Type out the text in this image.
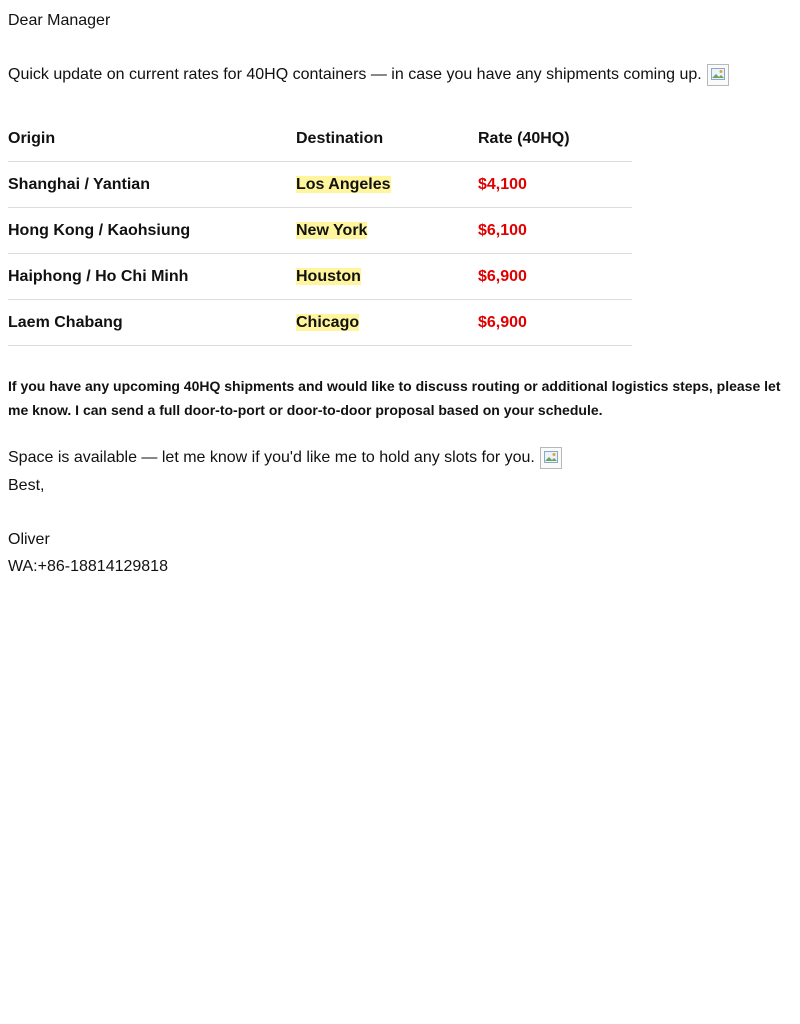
Dear Manager

Quick update on current rates for 40HQ containers — in case you have any shipments coming up.
Origin	Destination	Rate (40HQ)
Shanghai / Yantian	Los Angeles	$4,100
Hong Kong / Kaohsiung	New York	$6,100
Haiphong / Ho Chi Minh	Houston	$6,900
Laem Chabang	Chicago	$6,900

If you have any upcoming 40HQ shipments and would like to discuss routing or additional logistics steps, please let me know. I can send a full door-to-port or door-to-door proposal based on your schedule.

Space is available — let me know if you'd like me to hold any slots for you.

Best,

Oliver

WA:+86-18814129818
